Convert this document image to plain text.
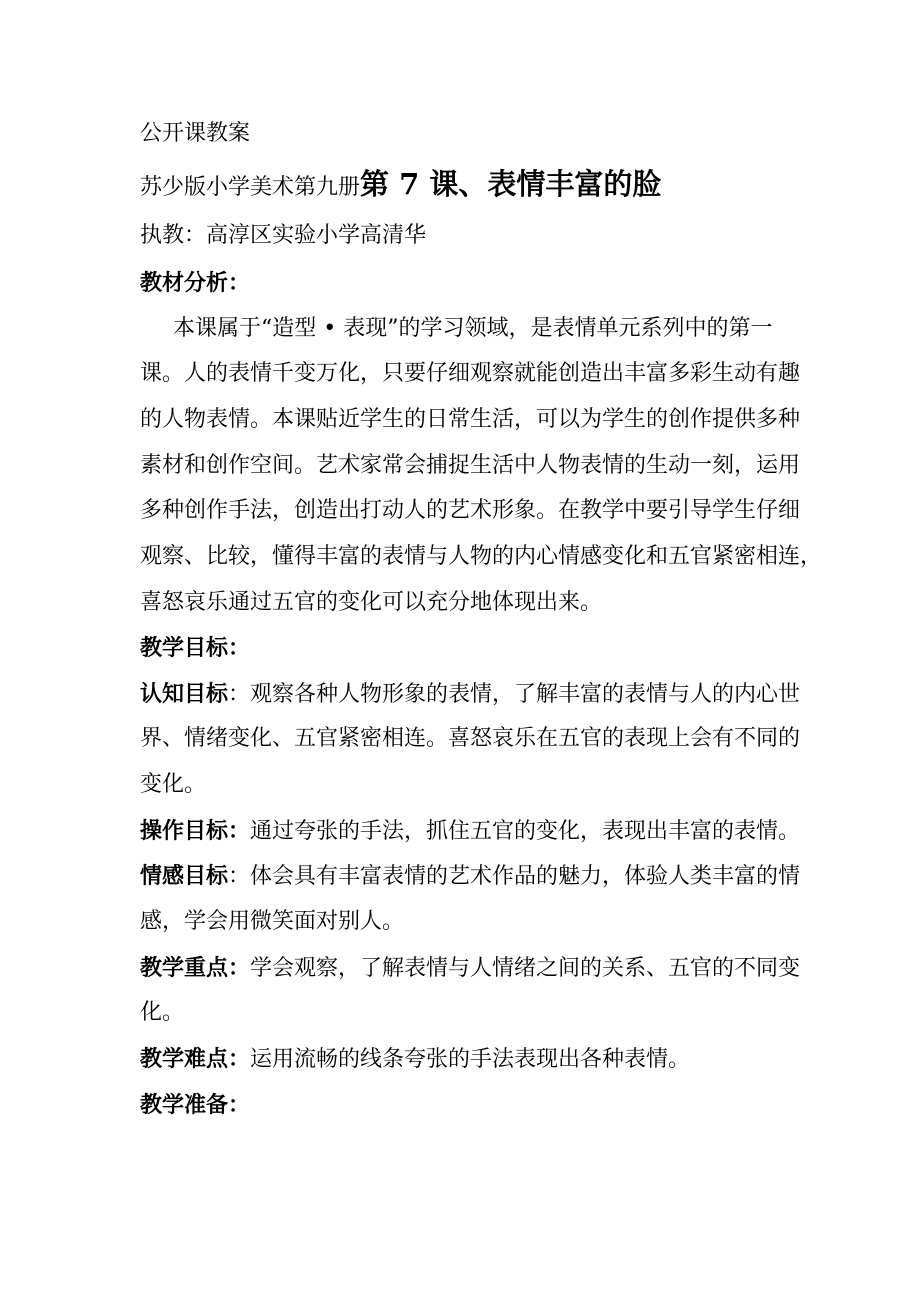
公开课教案
苏少版小学美术第九册第 7 课、表情丰富的脸
执教：高淳区实验小学高清华
教材分析：
本课属于“造型 • 表现”的学习领域，是表情单元系列中的第一
课。人的表情千变万化，只要仔细观察就能创造出丰富多彩生动有趣
的人物表情。本课贴近学生的日常生活，可以为学生的创作提供多种
素材和创作空间。艺术家常会捕捉生活中人物表情的生动一刻，运用
多种创作手法，创造出打动人的艺术形象。在教学中要引导学生仔细
观察、比较，懂得丰富的表情与人物的内心情感变化和五官紧密相连，
喜怒哀乐通过五官的变化可以充分地体现出来。
教学目标：
认知目标：观察各种人物形象的表情，了解丰富的表情与人的内心世
界、情绪变化、五官紧密相连。喜怒哀乐在五官的表现上会有不同的
变化。
操作目标：通过夸张的手法，抓住五官的变化，表现出丰富的表情。
情感目标：体会具有丰富表情的艺术作品的魅力，体验人类丰富的情
感，学会用微笑面对别人。
教学重点：学会观察，了解表情与人情绪之间的关系、五官的不同变
化。
教学难点：运用流畅的线条夸张的手法表现出各种表情。
教学准备：
